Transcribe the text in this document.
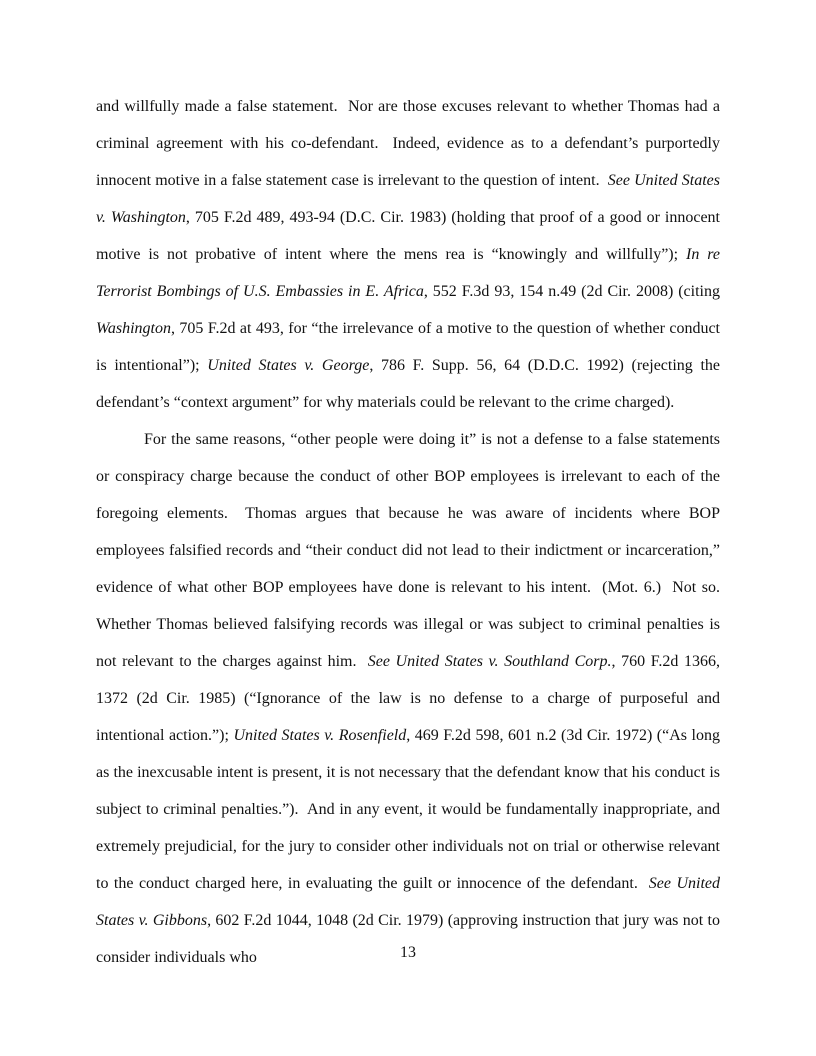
and willfully made a false statement.  Nor are those excuses relevant to whether Thomas had a criminal agreement with his co-defendant.  Indeed, evidence as to a defendant’s purportedly innocent motive in a false statement case is irrelevant to the question of intent.  See United States v. Washington, 705 F.2d 489, 493-94 (D.C. Cir. 1983) (holding that proof of a good or innocent motive is not probative of intent where the mens rea is “knowingly and willfully”); In re Terrorist Bombings of U.S. Embassies in E. Africa, 552 F.3d 93, 154 n.49 (2d Cir. 2008) (citing Washington, 705 F.2d at 493, for “the irrelevance of a motive to the question of whether conduct is intentional”); United States v. George, 786 F. Supp. 56, 64 (D.D.C. 1992) (rejecting the defendant’s “context argument” for why materials could be relevant to the crime charged).

For the same reasons, “other people were doing it” is not a defense to a false statements or conspiracy charge because the conduct of other BOP employees is irrelevant to each of the foregoing elements.  Thomas argues that because he was aware of incidents where BOP employees falsified records and “their conduct did not lead to their indictment or incarceration,” evidence of what other BOP employees have done is relevant to his intent.  (Mot. 6.)  Not so.  Whether Thomas believed falsifying records was illegal or was subject to criminal penalties is not relevant to the charges against him.  See United States v. Southland Corp., 760 F.2d 1366, 1372 (2d Cir. 1985) (“Ignorance of the law is no defense to a charge of purposeful and intentional action.”); United States v. Rosenfield, 469 F.2d 598, 601 n.2 (3d Cir. 1972) (“As long as the inexcusable intent is present, it is not necessary that the defendant know that his conduct is subject to criminal penalties.”).  And in any event, it would be fundamentally inappropriate, and extremely prejudicial, for the jury to consider other individuals not on trial or otherwise relevant to the conduct charged here, in evaluating the guilt or innocence of the defendant.  See United States v. Gibbons, 602 F.2d 1044, 1048 (2d Cir. 1979) (approving instruction that jury was not to consider individuals who	13
